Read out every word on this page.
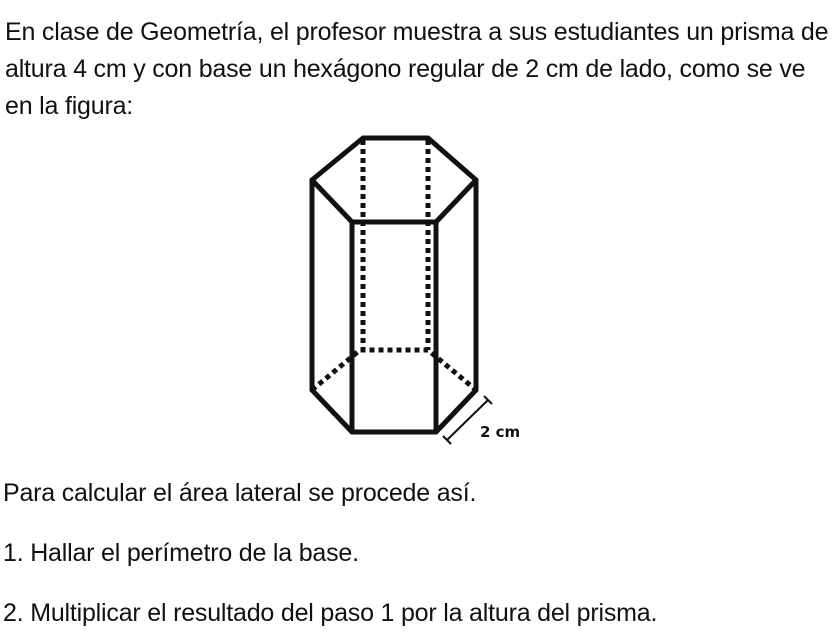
En clase de Geometría, el profesor muestra a sus estudiantes un prisma de altura 4 cm y con base un hexágono regular de 2 cm de lado, como se ve en la figura:

2 cm

Para calcular el área lateral se procede así.

1. Hallar el perímetro de la base.

2. Multiplicar el resultado del paso 1 por la altura del prisma.
